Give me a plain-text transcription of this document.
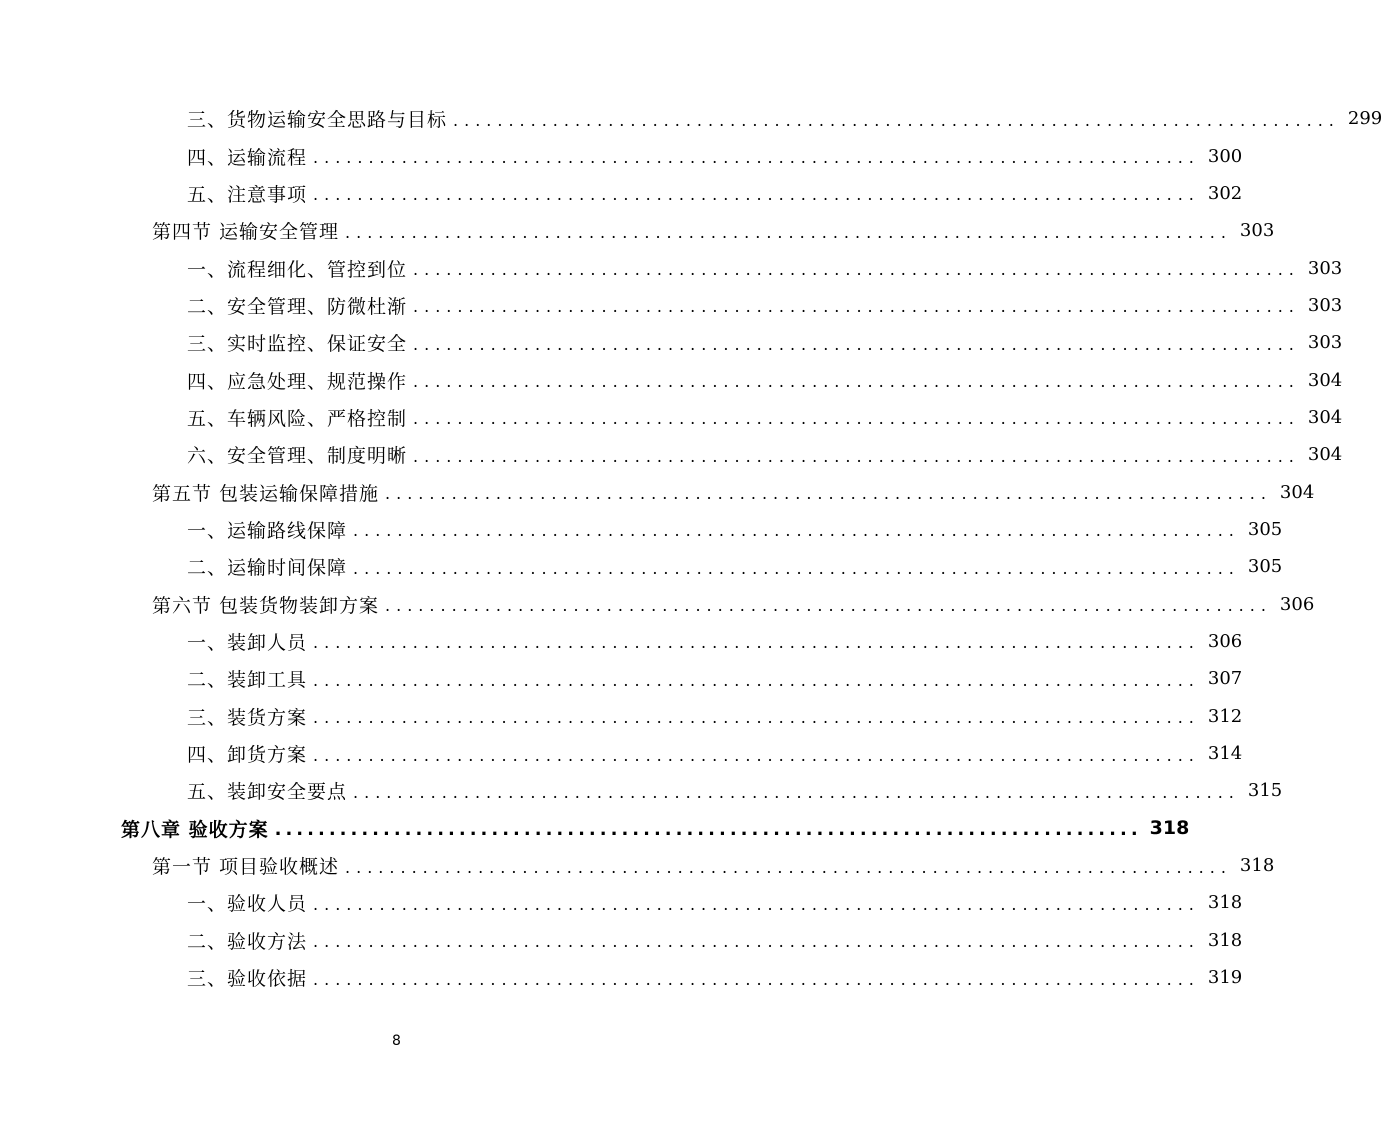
三、货物运输安全思路与目标 ................................................................................ 299
四、运输流程 ................................................................................ 300
五、注意事项 ................................................................................ 302
第四节 运输安全管理 ................................................................................ 303
一、流程细化、管控到位 ................................................................................ 303
二、安全管理、防微杜渐 ................................................................................ 303
三、实时监控、保证安全 ................................................................................ 303
四、应急处理、规范操作 ................................................................................ 304
五、车辆风险、严格控制 ................................................................................ 304
六、安全管理、制度明晰 ................................................................................ 304
第五节 包装运输保障措施 ................................................................................ 304
一、运输路线保障 ................................................................................ 305
二、运输时间保障 ................................................................................ 305
第六节 包装货物装卸方案 ................................................................................ 306
一、装卸人员 ................................................................................ 306
二、装卸工具 ................................................................................ 307
三、装货方案 ................................................................................ 312
四、卸货方案 ................................................................................ 314
五、装卸安全要点 ................................................................................ 315
第八章 验收方案 ................................................................................ 318
第一节 项目验收概述 ................................................................................ 318
一、验收人员 ................................................................................ 318
二、验收方法 ................................................................................ 318
三、验收依据 ................................................................................ 319
8
